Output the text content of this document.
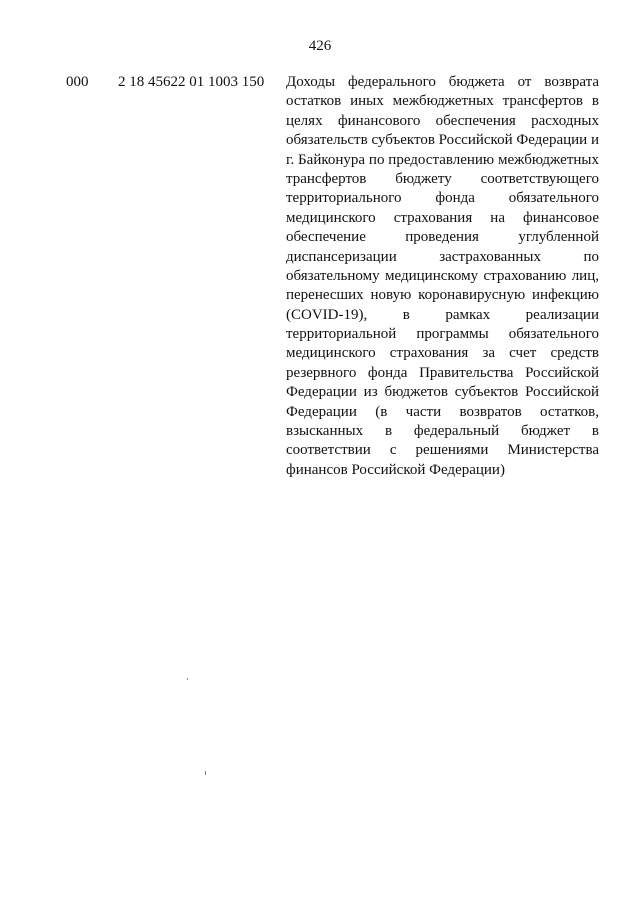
426
000 2 18 45622 01 1003 150 Доходы федерального бюджета от возврата
остатков иных межбюджетных трансфертов в
целях финансового обеспечения расходных
обязательств субъектов Российской Федерации и
г. Байконура по предоставлению межбюджетных
трансфертов бюджету соответствующего
территориального фонда обязательного
медицинского страхования на финансовое
обеспечение проведения углубленной
диспансеризации застрахованных по
обязательному медицинскому страхованию лиц,
перенесших новую коронавирусную инфекцию
(COVID-19), в рамках реализации
территориальной программы обязательного
медицинского страхования за счет средств
резервного фонда Правительства Российской
Федерации из бюджетов субъектов Российской
Федерации (в части возвратов остатков,
взысканных в федеральный бюджет в
соответствии с решениями Министерства
финансов Российской Федерации)
